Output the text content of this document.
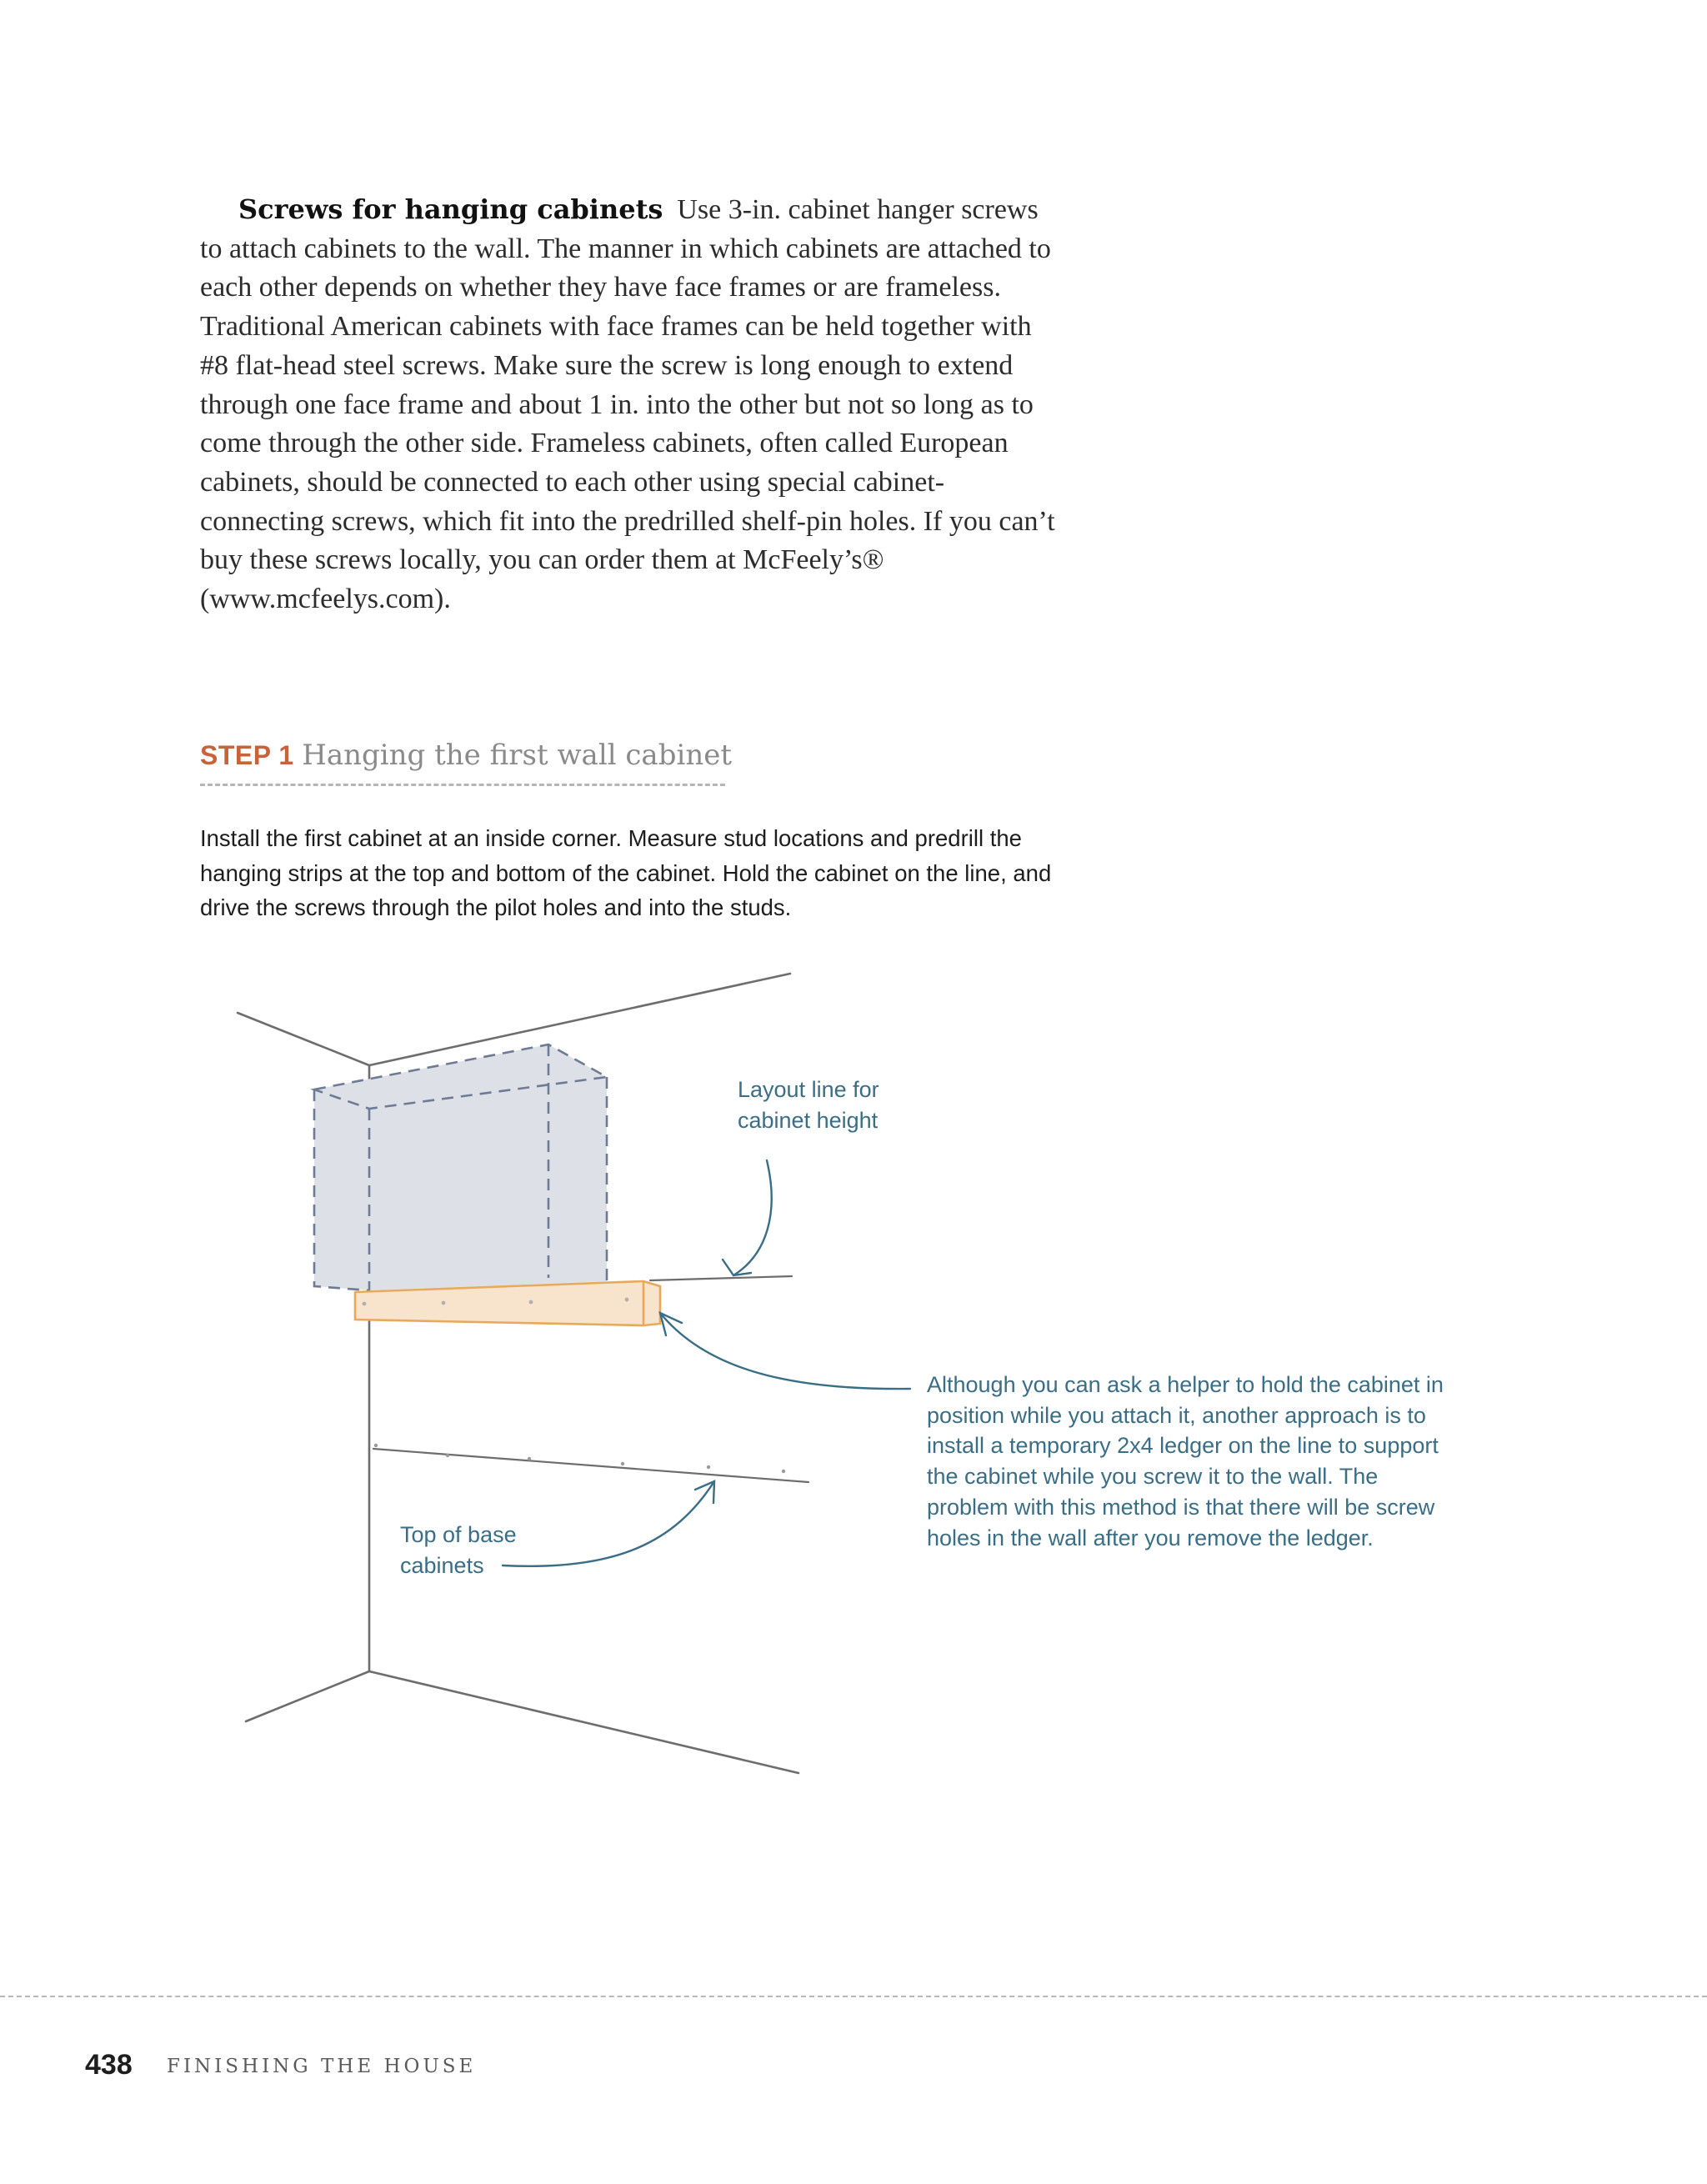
Screws for hanging cabinets Use 3-in. cabinet hanger screws to attach cabinets to the wall. The manner in which cabinets are attached to each other depends on whether they have face frames or are frameless. Traditional American cabinets with face frames can be held together with #8 flat-head steel screws. Make sure the screw is long enough to extend through one face frame and about 1 in. into the other but not so long as to come through the other side. Frameless cabinets, often called European cabinets, should be connected to each other using special cabinet-connecting screws, which fit into the predrilled shelf-pin holes. If you can’t buy these screws locally, you can order them at McFeely’s® (www.mcfeelys.com).

STEP 1 Hanging the first wall cabinet

Install the first cabinet at an inside corner. Measure stud locations and predrill the hanging strips at the top and bottom of the cabinet. Hold the cabinet on the line, and drive the screws through the pilot holes and into the studs.

Layout line for cabinet height

Although you can ask a helper to hold the cabinet in position while you attach it, another approach is to install a temporary 2x4 ledger on the line to support the cabinet while you screw it to the wall. The problem with this method is that there will be screw holes in the wall after you remove the ledger.

Top of base cabinets

438 FINISHING THE HOUSE
